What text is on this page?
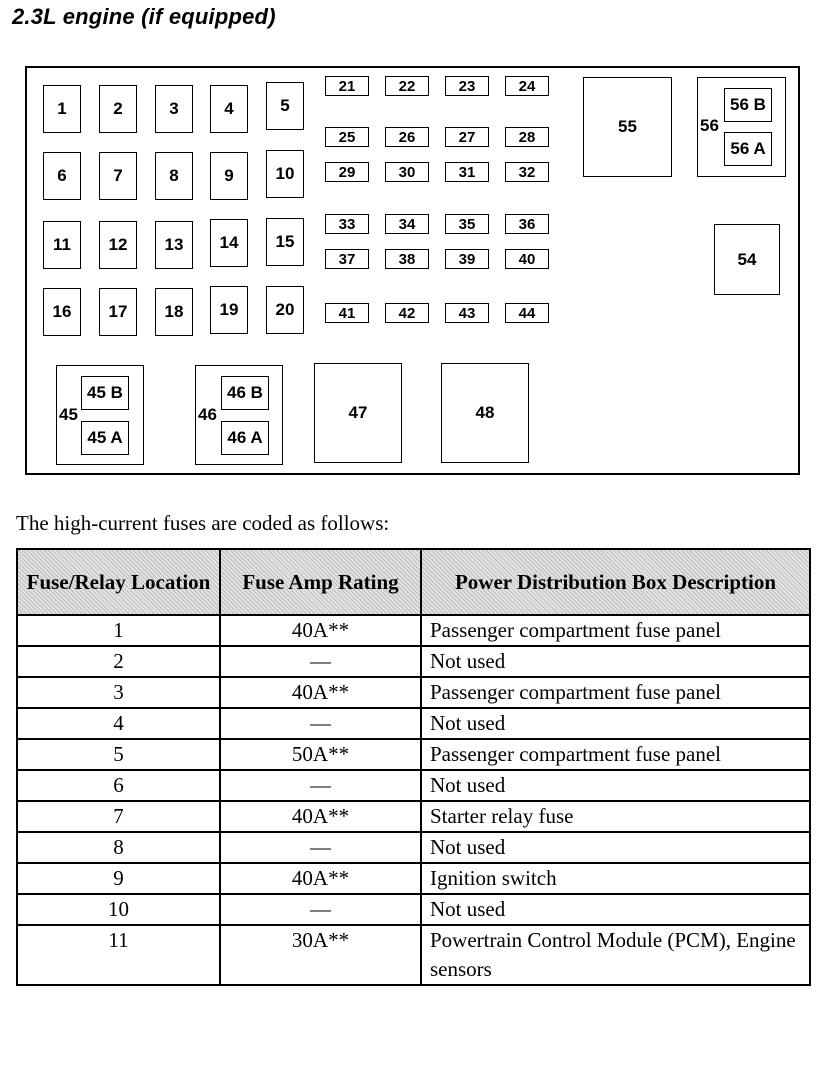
2.3L engine (if equipped)
1	2	3	4	5
6	7	8	9	10
11	12	13	14	15
16	17	18	19	20
21	22	23	24
25	26	27	28
29	30	31	32
33	34	35	36
37	38	39	40
41	42	43	44
55
54
47	48
56
56 B
56 A
45
45 B
45 A
46
46 B
46 A
The high-current fuses are coded as follows:
Fuse/Relay Location	Fuse Amp Rating	Power Distribution Box Description
1	40A**	Passenger compartment fuse panel
2	—	Not used
3	40A**	Passenger compartment fuse panel
4	—	Not used
5	50A**	Passenger compartment fuse panel
6	—	Not used
7	40A**	Starter relay fuse
8	—	Not used
9	40A**	Ignition switch
10	—	Not used
11	30A**	Powertrain Control Module (PCM), Engine sensors
